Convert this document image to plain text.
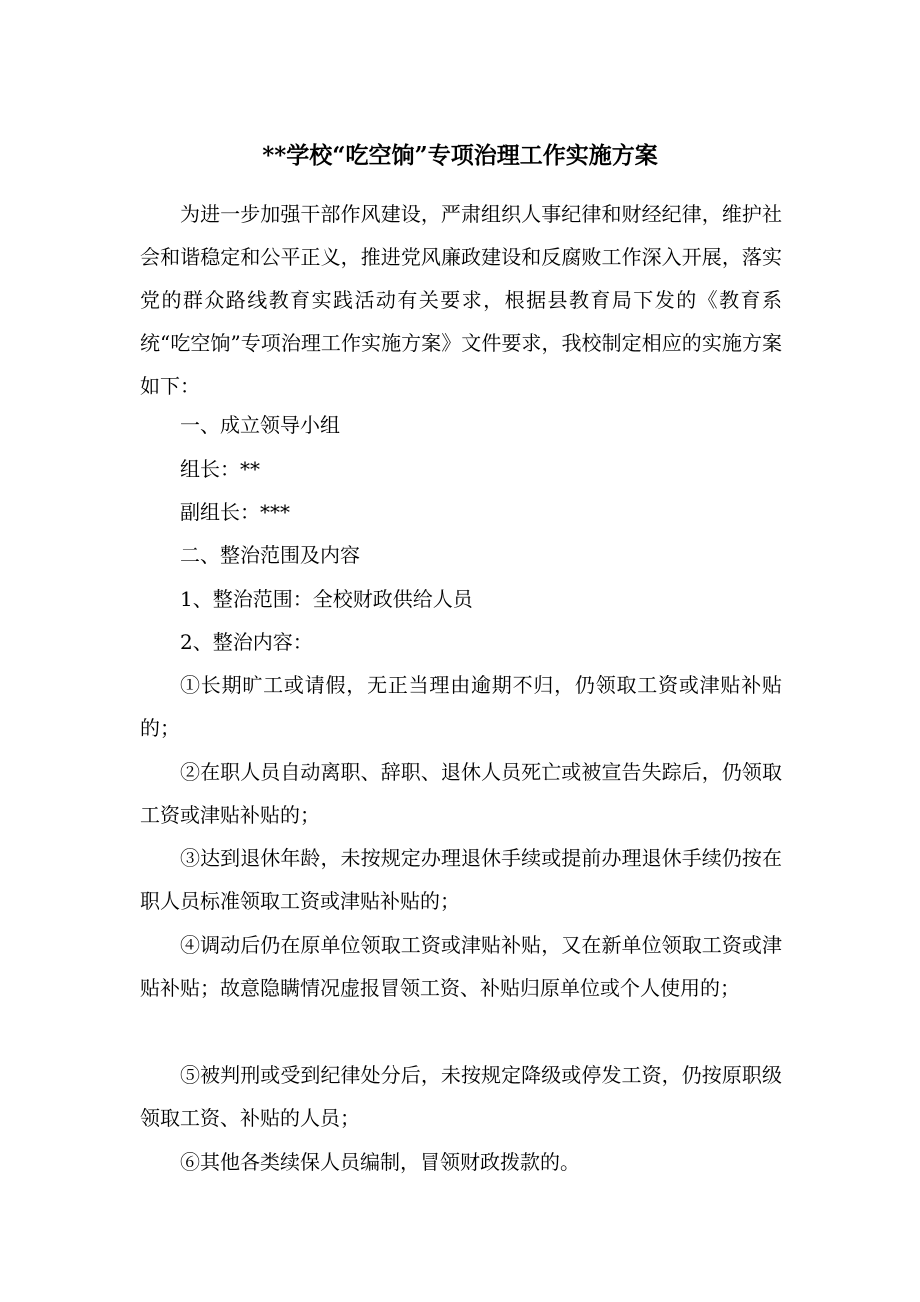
**学校“吃空饷”专项治理工作实施方案

为进一步加强干部作风建设，严肃组织人事纪律和财经纪律，维护社会和谐稳定和公平正义，推进党风廉政建设和反腐败工作深入开展，落实党的群众路线教育实践活动有关要求，根据县教育局下发的《教育系统“吃空饷”专项治理工作实施方案》文件要求，我校制定相应的实施方案如下：

一、成立领导小组

组长：**

副组长：***

二、整治范围及内容

1、整治范围：全校财政供给人员

2、整治内容：

①长期旷工或请假，无正当理由逾期不归，仍领取工资或津贴补贴的；

②在职人员自动离职、辞职、退休人员死亡或被宣告失踪后，仍领取工资或津贴补贴的；

③达到退休年龄，未按规定办理退休手续或提前办理退休手续仍按在职人员标准领取工资或津贴补贴的；

④调动后仍在原单位领取工资或津贴补贴，又在新单位领取工资或津贴补贴；故意隐瞒情况虚报冒领工资、补贴归原单位或个人使用的；

⑤被判刑或受到纪律处分后，未按规定降级或停发工资，仍按原职级领取工资、补贴的人员；

⑥其他各类续保人员编制，冒领财政拨款的。
